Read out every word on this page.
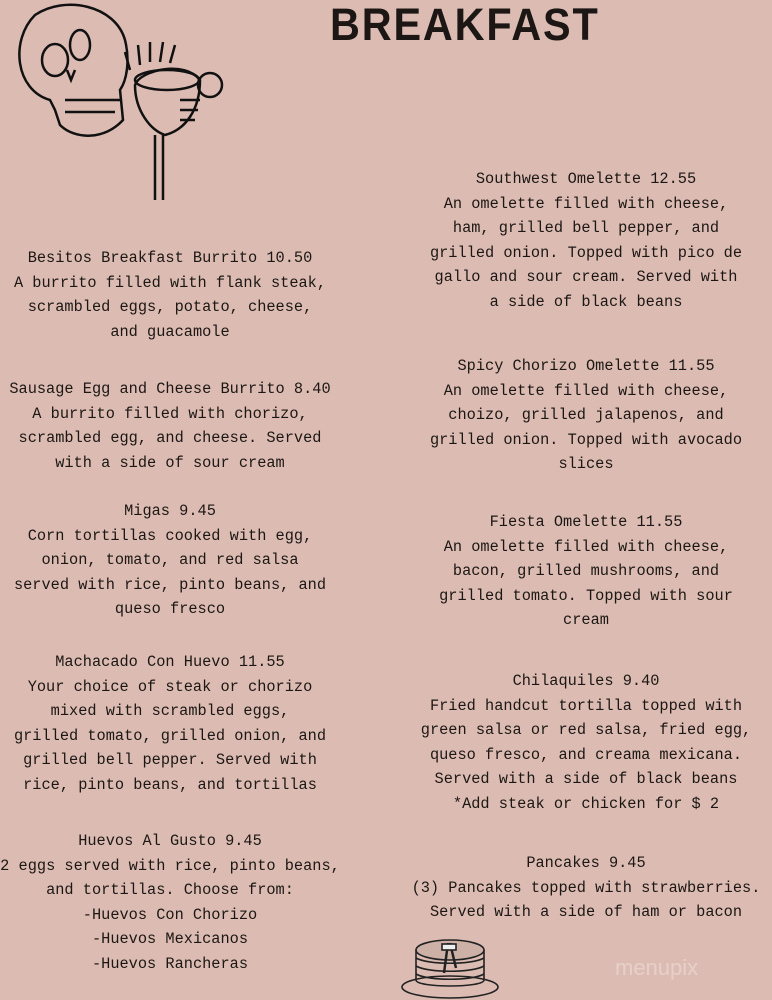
BREAKFAST
Besitos Breakfast Burrito 10.50
A burrito filled with flank steak,
scrambled eggs, potato, cheese,
and guacamole
Sausage Egg and Cheese Burrito 8.40
A burrito filled with chorizo,
scrambled egg, and cheese. Served
with a side of sour cream
Migas 9.45
Corn tortillas cooked with egg,
onion, tomato, and red salsa
served with rice, pinto beans, and
queso fresco
Machacado Con Huevo 11.55
Your choice of steak or chorizo
mixed with scrambled eggs,
grilled tomato, grilled onion, and
grilled bell pepper. Served with
rice, pinto beans, and tortillas
Huevos Al Gusto 9.45
2 eggs served with rice, pinto beans,
and tortillas. Choose from:
-Huevos Con Chorizo
-Huevos Mexicanos
-Huevos Rancheras
Southwest Omelette 12.55
An omelette filled with cheese,
ham, grilled bell pepper, and
grilled onion. Topped with pico de
gallo and sour cream. Served with
a side of black beans
Spicy Chorizo Omelette 11.55
An omelette filled with cheese,
choizo, grilled jalapenos, and
grilled onion. Topped with avocado
slices
Fiesta Omelette 11.55
An omelette filled with cheese,
bacon, grilled mushrooms, and
grilled tomato. Topped with sour
cream
Chilaquiles 9.40
Fried handcut tortilla topped with
green salsa or red salsa, fried egg,
queso fresco, and creama mexicana.
Served with a side of black beans
*Add steak or chicken for $ 2
Pancakes 9.45
(3) Pancakes topped with strawberries.
Served with a side of ham or bacon
menupix
